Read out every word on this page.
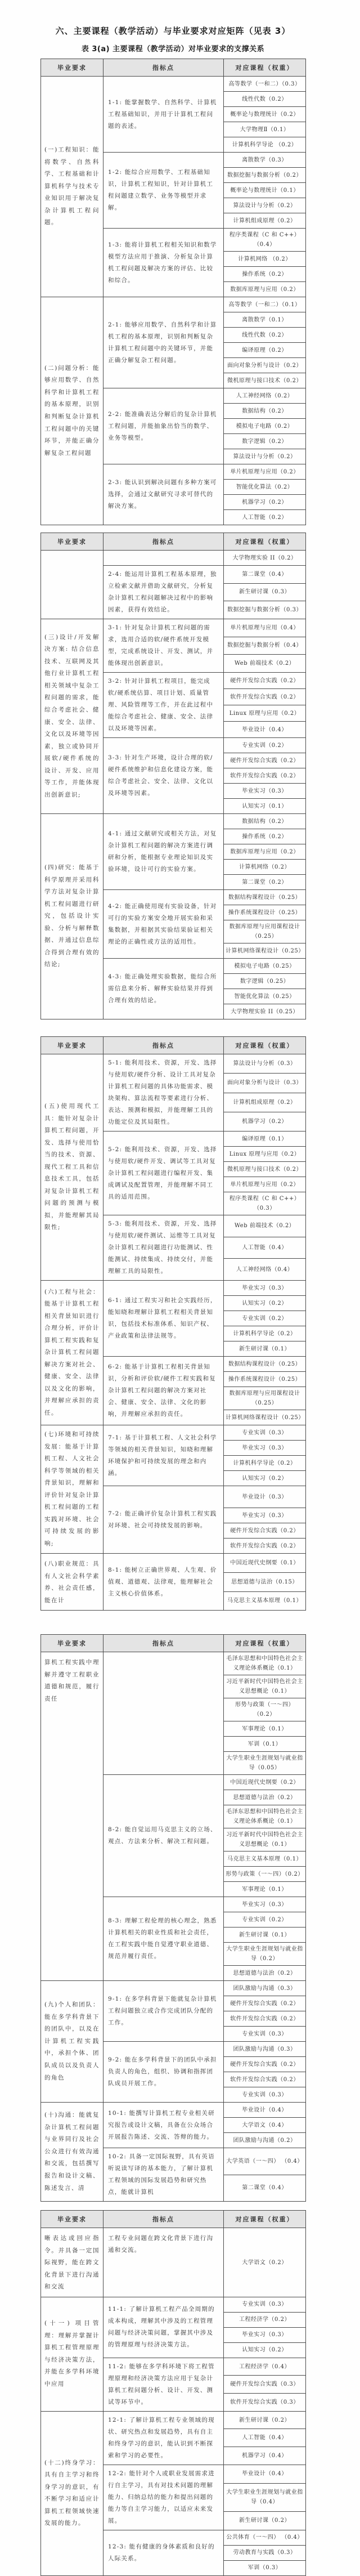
六、主要课程（教学活动）与毕业要求对应矩阵（见表 3）
表 3(a) 主要课程（教学活动）对毕业要求的支撑关系
毕业要求	指标点	对应课程（权重）
(一)工程知识：能将数学、自然科学、工程基础和计算机科学与技术专业知识用于解决复杂计算机工程问题。	1-1: 能掌握数学、自然科学、计算机工程基础知识，并用于计算机工程问题的表述。	高等数学（一和二）（0.3）
		线性代数（0.2）
		概率论与数理统计（0.2）
		大学物理Ⅱ（0.1）
		计算机科学导论 （0.2）
	1-2: 能综合应用数学、工程基础知识，计算机工程知识，针对计算机工程问题建立数学、业务等模型并求解。	离散数学（0.3）
		数据挖掘与数据分析（0.2）
		概率论与数理统计（0.1）
		算法设计与分析（0.2）
		计算机组成原理（0.2）
	1-3: 能将计算机工程相关知识和数学模型方法应用于推演、分析复杂计算机工程问题及解决方案的评估、比较和综合。	程序类课程（C 和 C++）（0.4）
		计算机网络 （0.2）
		操作系统（0.2）
		数据库原理与应用（0.2）
(二)问题分析：能够应用数学、自然科学和计算机工程的基本原理，识别和判断复杂计算机工程问题中的关键环节，并能正确分解复杂工程问题	2-1: 能够应用数学、自然科学和计算机工程的基本原理，识别和判断复杂计算机工程问题中的关键环节，并能正确分解复杂工程问题。	高等数学（一和二）（0.1）
		离散数学（0.1）
		线性代数（0.2）
		编译原理（0.2）
		面向对象分析与设计（0.2）
		微机原理与接口技术（0.2）
	2-2: 能准确表达分解后的复杂计算机工程问题，并能抽象出恰当的数学、业务等模型。	人工神经网络（0.2）
		数据结构（0.2）
		模拟电子电路（0.2）
		数字逻辑（0.2）
		算法设计与分析（0.2）
	2-3: 能认识到解决问题有多种方案可选择，会通过文献研究寻求可替代的解决方案。	单片机原理与应用（0.2）
		智能优化算法（0.2）
		机器学习（0.2）
		人工智能（0.2）
毕业要求	指标点	对应课程（权重）
		大学物理实验 II（0.2）
	2-4: 能运用计算机工程基本原理，独立检索文献并借助文献研究，分析复杂计算机工程问题解决过程中的影响因素，获得有效结论。	第二课堂（0.4）
		新生研讨课（0.3）
		数据挖掘与数据分析（0.3）
(三)设计/开发解决方案: 结合信息技术、互联网及其他行业计算机工程相关领域中复杂工程问题的需求，能综合考虑社会、健康、安全、法律、文化以及环境等因素，独立或协同开展软/硬件系统的设计、开发、应用等工作，并能体现出创新意识;	3-1: 针对复杂计算机工程问题的需求，选用合适的软/硬件系统开发模型，完成系统设计、开发、测试，并能体现出创新意识。	单片机原理与应用（0.4）
		数据挖掘与数据分析（0.4）
		Web 前端技术（0.2）
	3-2: 针对计算机工程项目，能完成软/硬系统估算、项目计划、质量管理、风险管理等工作，并在此过程中能综合考虑社会、健康、安全、法律以及环境等因素。	硬件开发综合实践（0.2）
		软件开发综合实践（0.2）
		Linux 原理与应用（0.2）
		毕业设计（0.4）
	3-3: 针对生产环境，设计合理的软/硬件系统维护和信息化建设方案，能综合考虑社会、安全、法律、文化以及环境等因素。	专业实训（0.2）
		硬件开发综合实践（0.2）
		软件开发综合实践（0.2）
		毕业实习（0.3）
		认知实习（0.1）
(四)研究：能基于科学原理并采用科学方法对复杂计算机工程问题进行研究，包括设计实验、分析与解释数据、并通过信息综合得到合理有效的结论;	4-1: 通过文献研究或相关方法，对复杂计算机工程问题的解决方案进行调研和分析，能根据专业理论知识及实验环境，设计可行的实验方案。	数据结构（0.2）
		操作系统（0.2）
		数据库原理与应用（0.2）
		计算机网络（0.2）
		第二课堂（0.2）
	4-2: 能正确使用现有实验设备，针对可行的实验方案安全地开展实验和采集数据，并根据其实验结果验证相关理论的正确性或方法的适用性。	数据结构课程设计（0.25）
		操作系统课程设计（0.25）
		数据库原理与应用课程设计（0.25）
		计算机网络课程设计（0.25）
	4-3: 能正确处理实验数据，能综合所需信息来分析、解释实验结果并得到合理有效的结论。	模拟电子电路（0.25）
		数字逻辑（0.25）
		智能优化算法（0.25）
		大学物理实验 II（0.25）
毕业要求	指标点	对应课程（权重）
(五)使用现代工具：能针对复杂计算机工程问题，开发、选择与使用恰当的技术、资源、现代工程工具和信息技术工具，包括对复杂计算机工程问题的预测与模拟，并能理解其局限性;	5-1: 能利用技术、资源，开发、选择与使用软/硬件分析、设计工具对复杂计算机工程问题的具体功能需求、模块架构、算法流程等要素进行分析、表达、预测和模拟，并能理解工具的功能定位及其局限性。	算法设计与分析（0.3）
		面向对象分析与设计（0.3）
		计算机组成原理（0.2）
		机器学习（0.2）
	5-2: 能利用技术、资源，开发、选择与使用软/硬件开发、调试等工具对复杂计算机工程问题进行编程开发、集成调试及配置管理，并能理解不同工具的适用范围。	编译原理（0.1）
		Linux 原理与应用（0.2）
		微机原理与接口技术（0.2）
		单片机原理与应用（0.2）
		程序类课程（C 和 C++）（0.3）
	5-3: 能利用技术、资源，开发、选择与使用软/硬件测试、运维等工具对复杂计算机工程问题进行功能测试、性能测试、持续集成、持续交付，并能理解工具的局限性。	Web 前端技术（0.2）
		人工智能（0.4）
		人工神经网络（0.4）
(六)工程与社会：能基于计算机工程相关背景知识进行合理分析，评价计算机工程实践和复杂计算机工程问题解决方案对社会、健康、安全、法律以及文化的影响，并理解应承担的责任。	6-1: 通过工程实习和社会实践经历，能知晓和理解计算机工程相关背景知识，包括技术标准体系、知识产权、产业政策和法律法规等。	毕业实习（0.3）
		认知实习（0.2）
		专业实训（0.2）
		计算机科学导论（0.2）
		新生研讨课（0.1）
	6-2: 能基于计算机工程相关背景知识，分析和评价软/硬件工程实践和复杂计算机工程问题的解决方案对社会、健康、安全、法律、文化的影响，并理解应承担的责任。	数据结构课程设计（0.25）
		操作系统课程设计（0.25）
		数据库原理与应用课程设计 （0.25）
		计算机网络课程设计（0.25）
(七)环境和可持续发展：能基于计算机工程、人文社会科学等领域的相关背景知识，理解和评价针对复杂计算机工程问题的工程实践对环境、社会可持续发展的影响;	7-1: 基于计算机工程、人文社会科学等领域的相关背景知识，知晓和理解环境保护和可持续发展的理念和内涵。	专业实训（0.3）
		毕业实习（0.3）
		计算机科学导论（0.2）
		认知实习（0.2）
	7-2: 能正确评价复杂计算机工程实践对环境、社会可持续发展的影响。	毕业设计（0.3）
		毕业实习（0.3）
		硬件开发综合实践（0.2）
		软件开发综合实践（0.2）
(八)职业规范：具有人文社会科学素养、社会责任感，能在计	8-1: 能树立正确世界观、人生观、价值观、道德观、法律观，能理解社会主义核心价值体系。	中国近现代史纲要（0.1）
		思想道德与法治（0.15）
		马克思主义基本原理（0.1）
毕业要求	指标点	对应课程（权重）
算机工程实践中理解并遵守工程职业道德和规范，履行责任		毛泽东思想和中国特色社会主义理论体系概论（0.1）
		习近平新时代中国特色社会主义思想概论（0.1）
		形势与政策（一～四） （0.2）
		军事理论（0.1）
		军训（0.1）
		大学生职业生涯规划与就业指导（0.05）
	8-2: 能自觉运用马克思主义的立场、观点、方法来分析、解决工程问题。	中国近现代史纲要（0.2）
		思想道德与法治（0.2）
		毛泽东思想和中国特色社会主义理论体系概论（0.1）
		习近平新时代中国特色社会主义思想概论（0.1）
		马克思主义基本原理（0.1）
		形势与政策（一～四）（0.2）
		军事理论（0.1）
	8-3: 理解工程伦理的核心理念，熟悉计算机相关的职业性质和社会责任，在工程实践中能自觉遵守职业道德、规范并履行责任。	毕业实习（0.3）
		专业实训（0.2）
		新生研讨课（0.1）
		大学生职业生涯规划与就业指导（0.2）
		思想道德与法治（0.2）
(九)个人和团队：能在多学科背景下的团队中，以及在计算机工程实践中，承担个体、团队成员以及负责人的角色	9-1: 在多学科背景下能就复杂计算机工程问题独立或合作完成团队分配的工作。	团队激励与沟通（0.3）
		硬件开发综合实践（0.2）
		软件开发综合实践（0.2）
		专业实训（0.3）
	9-2: 能在多学科背景下的团队中承担负责人的角色，组织、协调和指挥团队成员开展工作。	团队激励与沟通（0.3）
		硬件开发综合实践（0.2）
		软件开发综合实践（0.2）
		专业实训（0.3）
(十)沟通：能就复杂计算机工程问题与业界同行及社会公众进行有效沟通和交流，包括撰写报告和设计文稿、陈述发言、清	10-1: 能撰写计算机工程专业相关研究报告或设计文稿，具备在公众场合开展报告陈述、交流、答辩的能力。	毕业设计（0.4）
		大学语文（0.4）
		团队激励与沟通（0.2）
	10-2: 具备一定国际视野，具有英语听说读写译的基本能力，了解计算机工程领域的国际发展趋势和研究热点，能就计算机	大学英语（一～四） （0.4）
		第二课堂（0.4）
毕业要求	指标点	对应课程（权重）
晰表达或回应指令。并具备一定国际视野，能在跨文化背景下进行沟通和交流	工程专业问题在跨文化背景下进行沟通和交流。	大学语文（0.2）
(十一) 项目管理：理解并掌握计算机工程管理原理与经济决策方法，并能在多学科环境中应用	11-1: 了解计算机工程产品全周期的成本构成，理解其中涉及的工程管理问题与经济决策问题，掌握其中涉及的管理原理与经济决策方法。	专业实训（0.3）
		工程经济学（0.2）
		毕业实习（0.3）
		认知实习（0.2）
	11-2: 能够在多学科环境下将工程管理原理和经济决策方法应用于复杂计算机工程问题分析、设计、开发、测试等环节中。	工程经济学（0.4）
		硬件开发综合实践（0.3）
		软件开发综合实践（0.3）
(十二)终身学习：具有自主学习和终身学习的意识，有不断学习和适应计算机工程领域快速发展的能力。	12-1: 了解计算机工程专业领域的现状、研究热点和发展趋势，具有自主和终身学习的意识，能认识到不断探索和学习的必要性。	新生研讨课（0.2）
		人工智能（0.4）
		机器学习（0.4）
	12-2: 能针对个人或职业发展需求进行自主学习，具有对技术问题的理解能力、归纳总结的能力和提出问题的能力等自主学习能力，以适应未来发展。	毕业设计（0.4）
		大学生职业生涯规划与就业指导（0.4）
		新生研讨课（0.2）
	12-3: 能有健康的身体素质和良好的人际关系。	公共体育（一～四） （0.4）
		劳动教育与实践（0.3）
		军训（0.3）
